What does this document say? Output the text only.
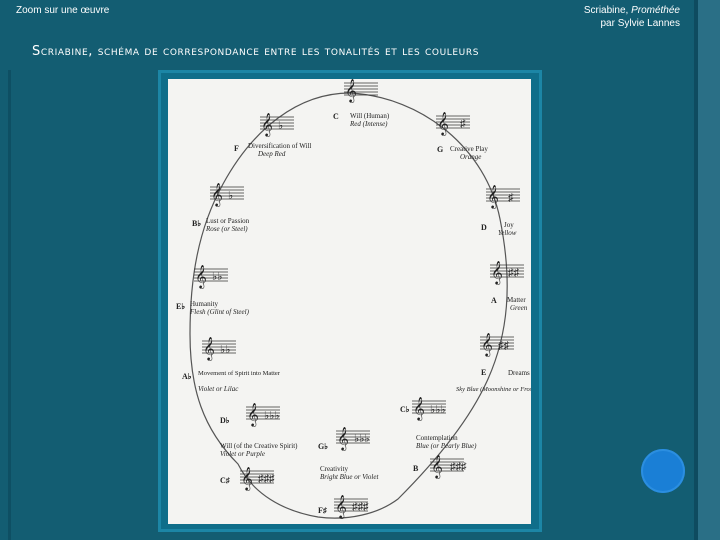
Zoom sur une œuvre	Scriabine, Prométhée
par Sylvie Lannes
Scriabine, schéma de correspondance entre les tonalités et les couleurs
𝄞
♯
♯
♯♯
♯♯
♯♯♯
♯♯♯
♯♯♯
♭♭♭
♭♭♭
♭♭♭
♭♭
♭♭
♭
♭
C Will (Human)
Red (Intense)
G Creative Play
Orange
D Joy
Yellow
A Matter
Green
E	Dreams
Sky Blue (Moonshine or Frost)
B
Contemplation
Blue (or Pearly Blue)
F♯
Creativity
Bright Blue or Violet
C♯
Will (of the Creative Spirit)
Violet or Purple
A♭ Movement of Spirit into Matter
Violet or Lilac
E♭ Humanity
Flesh (Glint of Steel)
B♭ Lust or Passion
Rose (or Steel)
F Diversification of Will
Deep Red
C♭
G♭
D♭
